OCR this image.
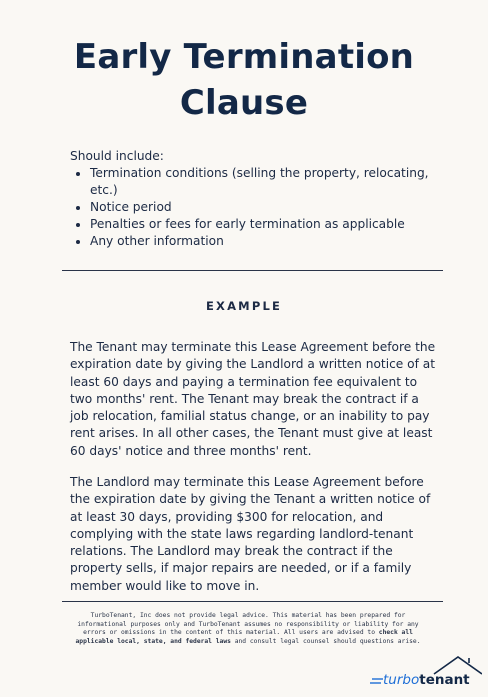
Early Termination
Clause
Should include:
• Termination conditions (selling the property, relocating, etc.)
• Notice period
• Penalties or fees for early termination as applicable
• Any other information
EXAMPLE
The Tenant may terminate this Lease Agreement before the expiration date by giving the Landlord a written notice of at least 60 days and paying a termination fee equivalent to two months' rent. The Tenant may break the contract if a job relocation, familial status change, or an inability to pay rent arises. In all other cases, the Tenant must give at least 60 days' notice and three months' rent.
The Landlord may terminate this Lease Agreement before the expiration date by giving the Tenant a written notice of at least 30 days, providing $300 for relocation, and complying with the state laws regarding landlord-tenant relations. The Landlord may break the contract if the property sells, if major repairs are needed, or if a family member would like to move in.
TurboTenant, Inc does not provide legal advice. This material has been prepared for informational purposes only and TurboTenant assumes no responsibility or liability for any errors or omissions in the content of this material. All users are advised to check all applicable local, state, and federal laws and consult legal counsel should questions arise.
turbotenant
